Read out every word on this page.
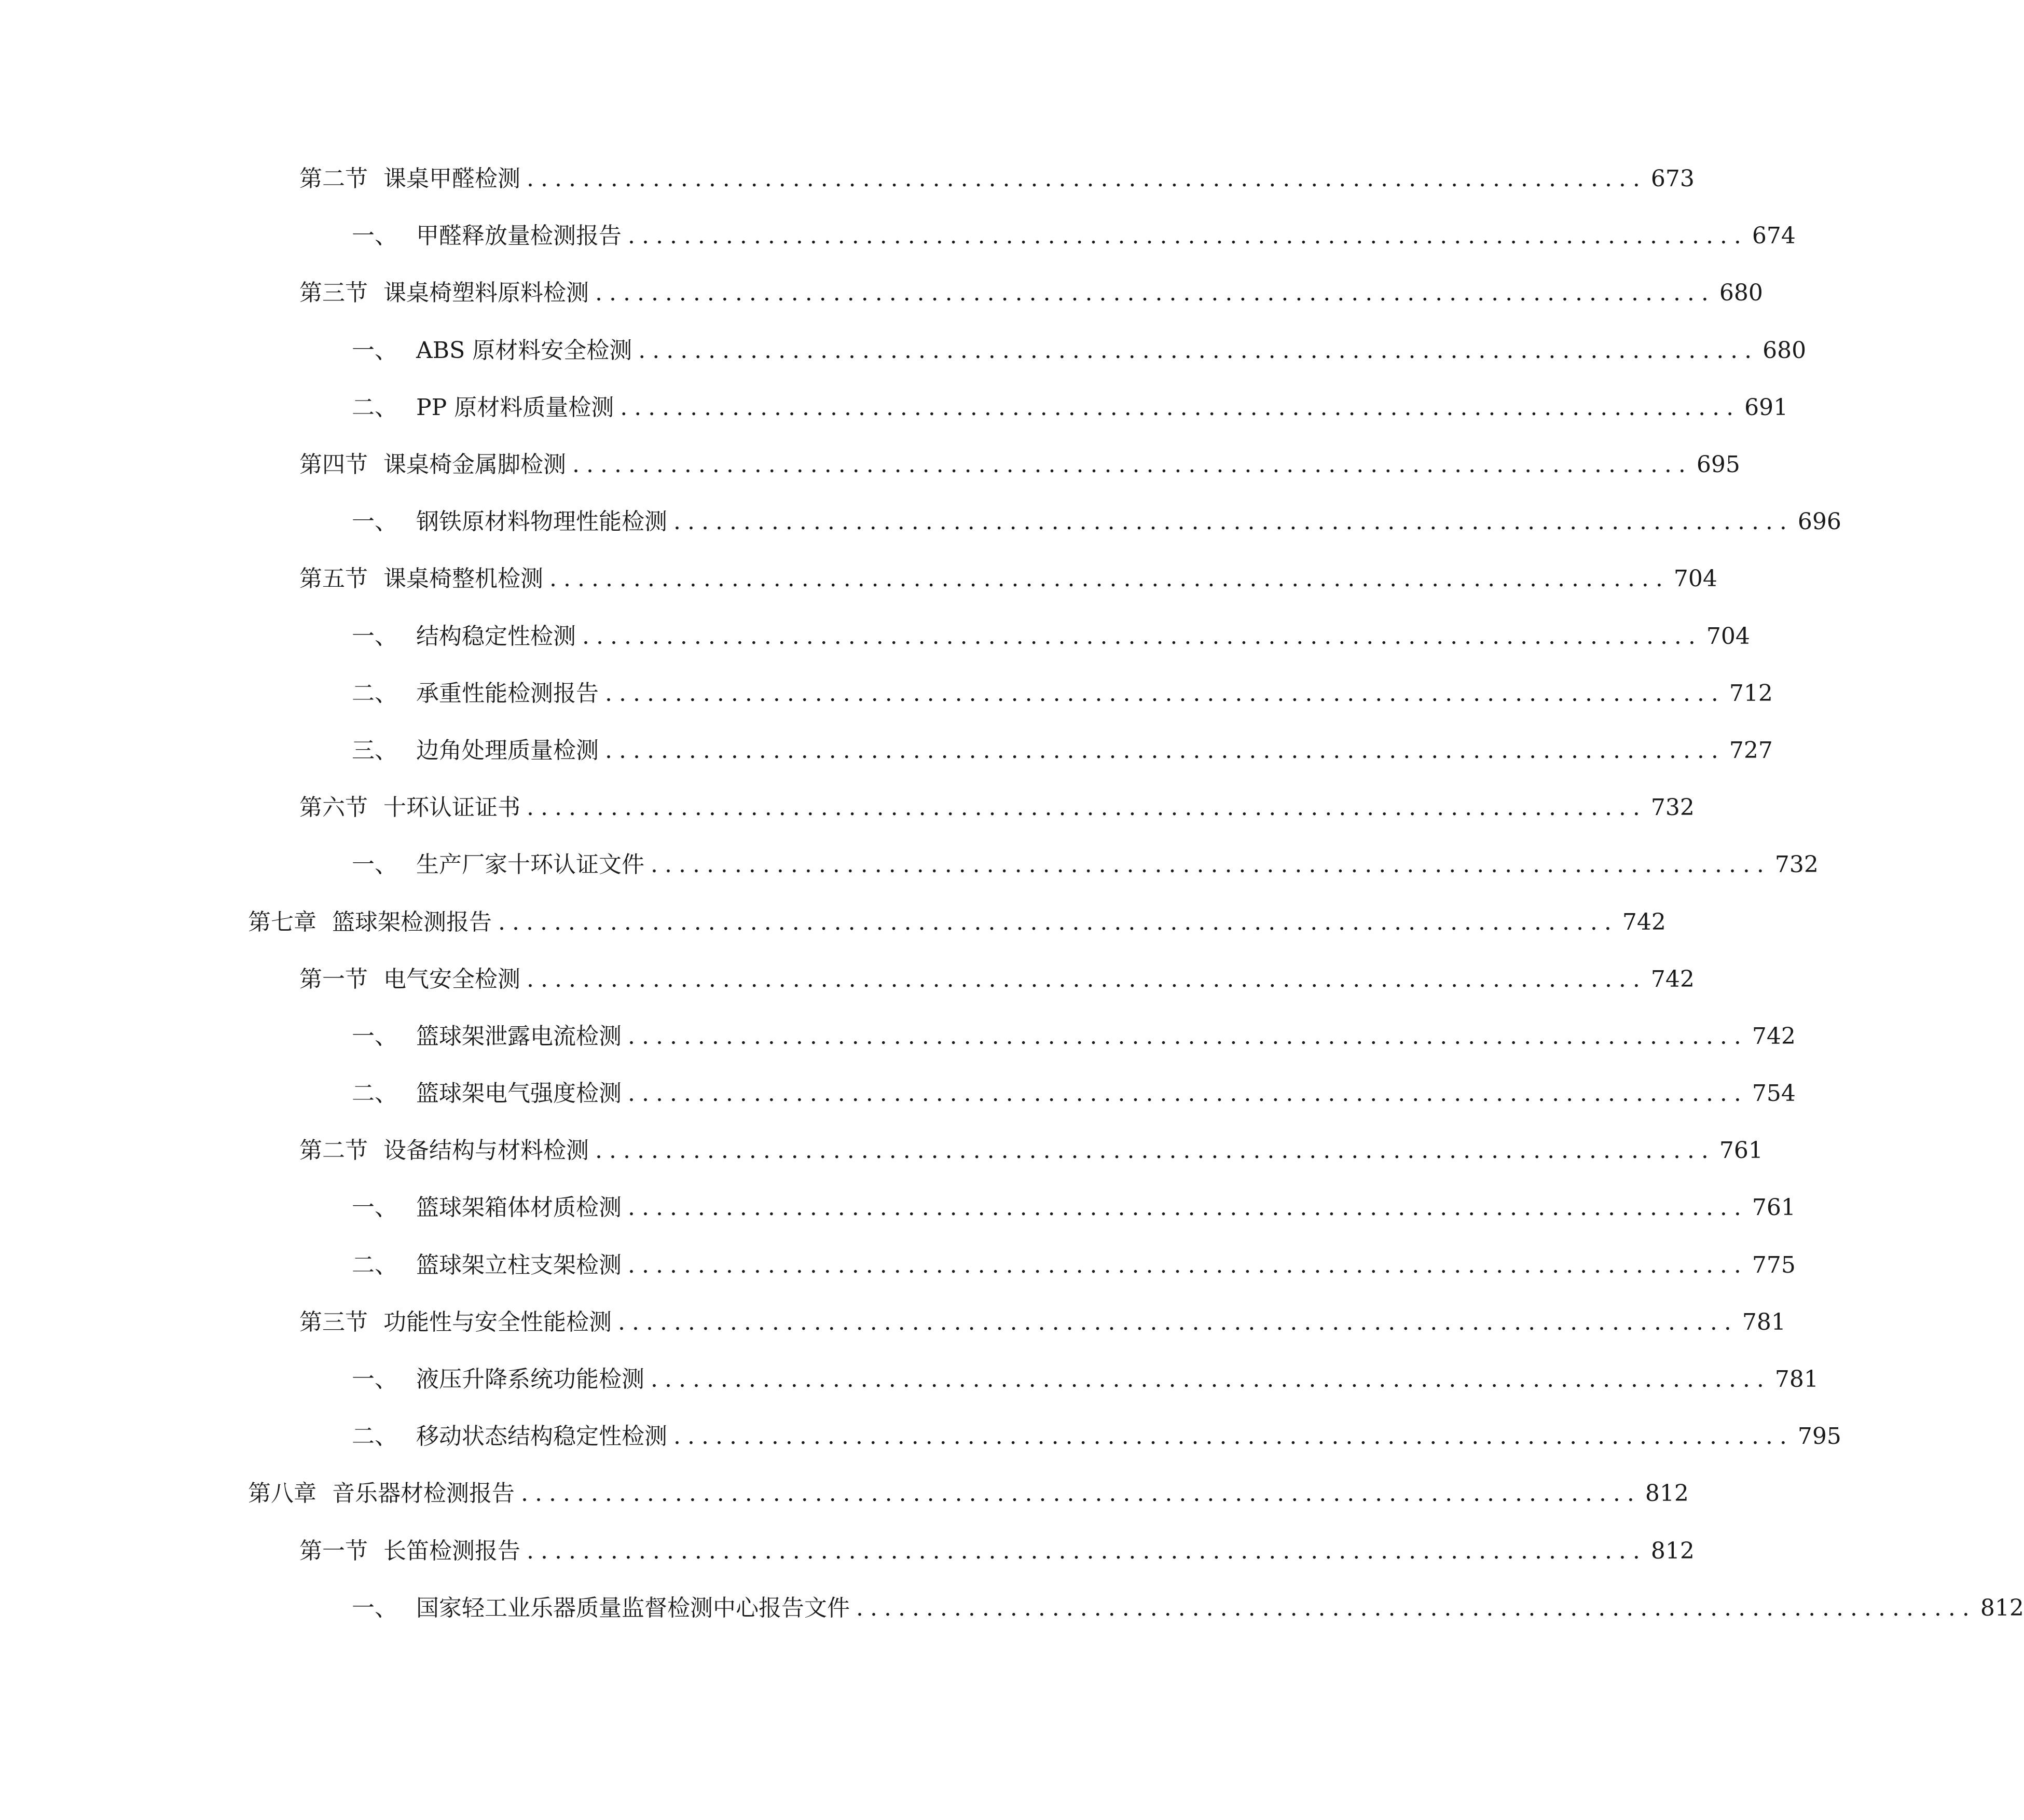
第二节 课桌甲醛检测 ................................................................................ 673
一、 甲醛释放量检测报告 ................................................................................ 674
第三节 课桌椅塑料原料检测 ................................................................................ 680
一、 ABS 原材料安全检测 ................................................................................ 680
二、 PP 原材料质量检测 ................................................................................ 691
第四节 课桌椅金属脚检测 ................................................................................ 695
一、 钢铁原材料物理性能检测 ................................................................................ 696
第五节 课桌椅整机检测 ................................................................................ 704
一、 结构稳定性检测 ................................................................................ 704
二、 承重性能检测报告 ................................................................................ 712
三、 边角处理质量检测 ................................................................................ 727
第六节 十环认证证书 ................................................................................ 732
一、 生产厂家十环认证文件 ................................................................................ 732
第七章 篮球架检测报告 ................................................................................ 742
第一节 电气安全检测 ................................................................................ 742
一、 篮球架泄露电流检测 ................................................................................ 742
二、 篮球架电气强度检测 ................................................................................ 754
第二节 设备结构与材料检测 ................................................................................ 761
一、 篮球架箱体材质检测 ................................................................................ 761
二、 篮球架立柱支架检测 ................................................................................ 775
第三节 功能性与安全性能检测 ................................................................................ 781
一、 液压升降系统功能检测 ................................................................................ 781
二、 移动状态结构稳定性检测 ................................................................................ 795
第八章 音乐器材检测报告 ................................................................................ 812
第一节 长笛检测报告 ................................................................................ 812
一、 国家轻工业乐器质量监督检测中心报告文件 ................................................................................ 812
